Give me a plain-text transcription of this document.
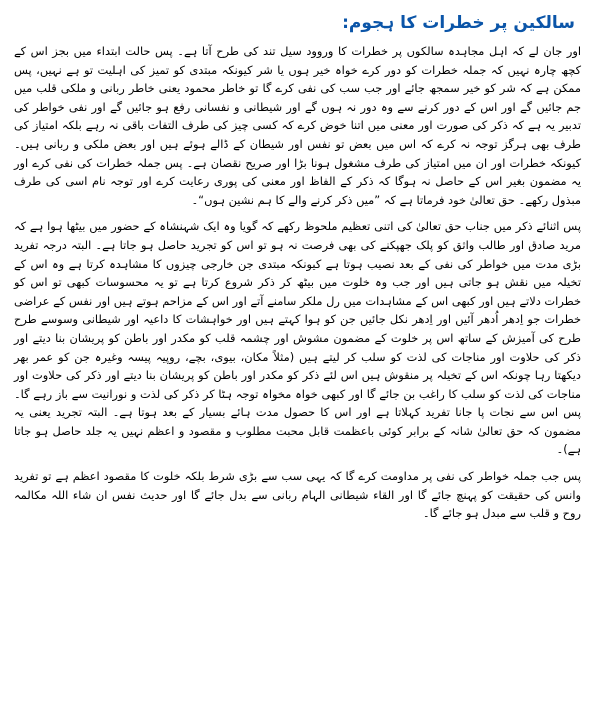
سالکین پر خطرات کا ہجوم:

اور جان لے کہ اہل مجاہدہ سالکوں پر خطرات کا وروود سیل تند کی طرح آتا ہے۔ پس حالت ابتداء میں بجز اس کے کچھ چارہ نہیں کہ جملہ خطرات کو دور کرے خواہ خیر ہوں یا شر کیونکہ مبتدی کو تمیز کی اہلیت تو ہے نہیں، پس ممکن ہے کہ شر کو خیر سمجھ جائے اور جب سب کی نفی کرے گا تو خاطر محمود یعنی خاطر ربانی و ملکی قلب میں جم جائیں گے اور اس کے دور کرنے سے وہ دور نہ ہوں گے اور شیطانی و نفسانی رفع ہو جائیں گے اور نفی خواطر کی تدبیر یہ ہے کہ ذکر کی صورت اور معنی میں اتنا خوض کرے کہ کسی چیز کی طرف التفات باقی نہ رہے بلکہ امتیاز کی طرف بھی ہرگز توجہ نہ کرے کہ اس میں بعض تو نفس اور شیطان کے ڈالے ہوئے ہیں اور بعض ملکی و ربانی ہیں۔ کیونکہ خطرات اور ان میں امتیاز کی طرف مشغول ہونا بڑا اور صریح نقصان ہے۔ پس جملہ خطرات کی نفی کرے اور یہ مضمون بغیر اس کے حاصل نہ ہوگا کہ ذکر کے الفاظ اور معنی کی پوری رعایت کرے اور توجہ نام اسی کی طرف مبذول رکھے۔ حق تعالیٰ خود فرماتا ہے کہ ”میں ذکر کرنے والے کا ہم نشین ہوں“۔

پس اثنائے ذکر میں جناب حق تعالیٰ کی اتنی تعظیم ملحوظ رکھے کہ گویا وہ ایک شہنشاہ کے حضور میں بیٹھا ہوا ہے کہ مرید صادق اور طالب واثق کو پلک جھپکنے کی بھی فرصت نہ ہو تو اس کو تجرید حاصل ہو جاتا ہے۔ البتہ درجہ تفرید بڑی مدت میں خواطر کی نفی کے بعد نصیب ہوتا ہے کیونکہ مبتدی جن خارجی چیزوں کا مشاہدہ کرتا ہے وہ اس کے تخیلہ میں نقش ہو جاتی ہیں اور جب وہ خلوت میں بیٹھ کر ذکر شروع کرتا ہے تو یہ محسوسات کبھی تو اس کو خطرات دلاتے ہیں اور کبھی اس کے مشاہدات میں رل ملکر سامنے آتے اور اس کے مزاحم ہوتے ہیں اور نفس کے عراضی خطرات جو اِدھر اُدھر آئیں اور اِدھر نکل جائیں جن کو ہوا کہتے ہیں اور خواہشات کا داعیہ اور شیطانی وسوسے طرح طرح کی آمیزش کے ساتھ اس پر خلوت کے مضمون مشوش اور چشمہ قلب کو مکدر اور باطن کو پریشان بنا دیتے اور ذکر کی حلاوت اور مناجات کی لذت کو سلب کر لیتے ہیں (مثلاً مکان، بیوی، بچے، روپیہ پیسہ وغیرہ جن کو عمر بھر دیکھتا رہا چونکہ اس کے تخیلہ پر منقوش ہیں اس لئے ذکر کو مکدر اور باطن کو پریشان بنا دیتے اور ذکر کی حلاوت اور مناجات کی لذت کو سلب کا راغب بن جائے گا اور کبھی خواہ مخواہ توجہ ہٹا کر ذکر کی لذت و نورانیت سے باز رہے گا۔ پس اس سے نجات پا جانا تفرید کہلاتا ہے اور اس کا حصول مدت ہائے بسیار کے بعد ہوتا ہے۔ البتہ تجرید یعنی یہ مضمون کہ حق تعالیٰ شانہ کے برابر کوئی باعظمت قابل محبت مطلوب و مقصود و اعظم نہیں یہ جلد حاصل ہو جاتا ہے)۔

پس جب جملہ خواطر کی نفی پر مداومت کرے گا کہ یہی سب سے بڑی شرط بلکہ خلوت کا مقصود اعظم ہے تو تفرید وانس کی حقیقت کو پہنچ جائے گا اور القاء شیطانی الہام ربانی سے بدل جائے گا اور حدیث نفس ان شاء اللہ مکالمہ روح و قلب سے مبدل ہو جائے گا۔
